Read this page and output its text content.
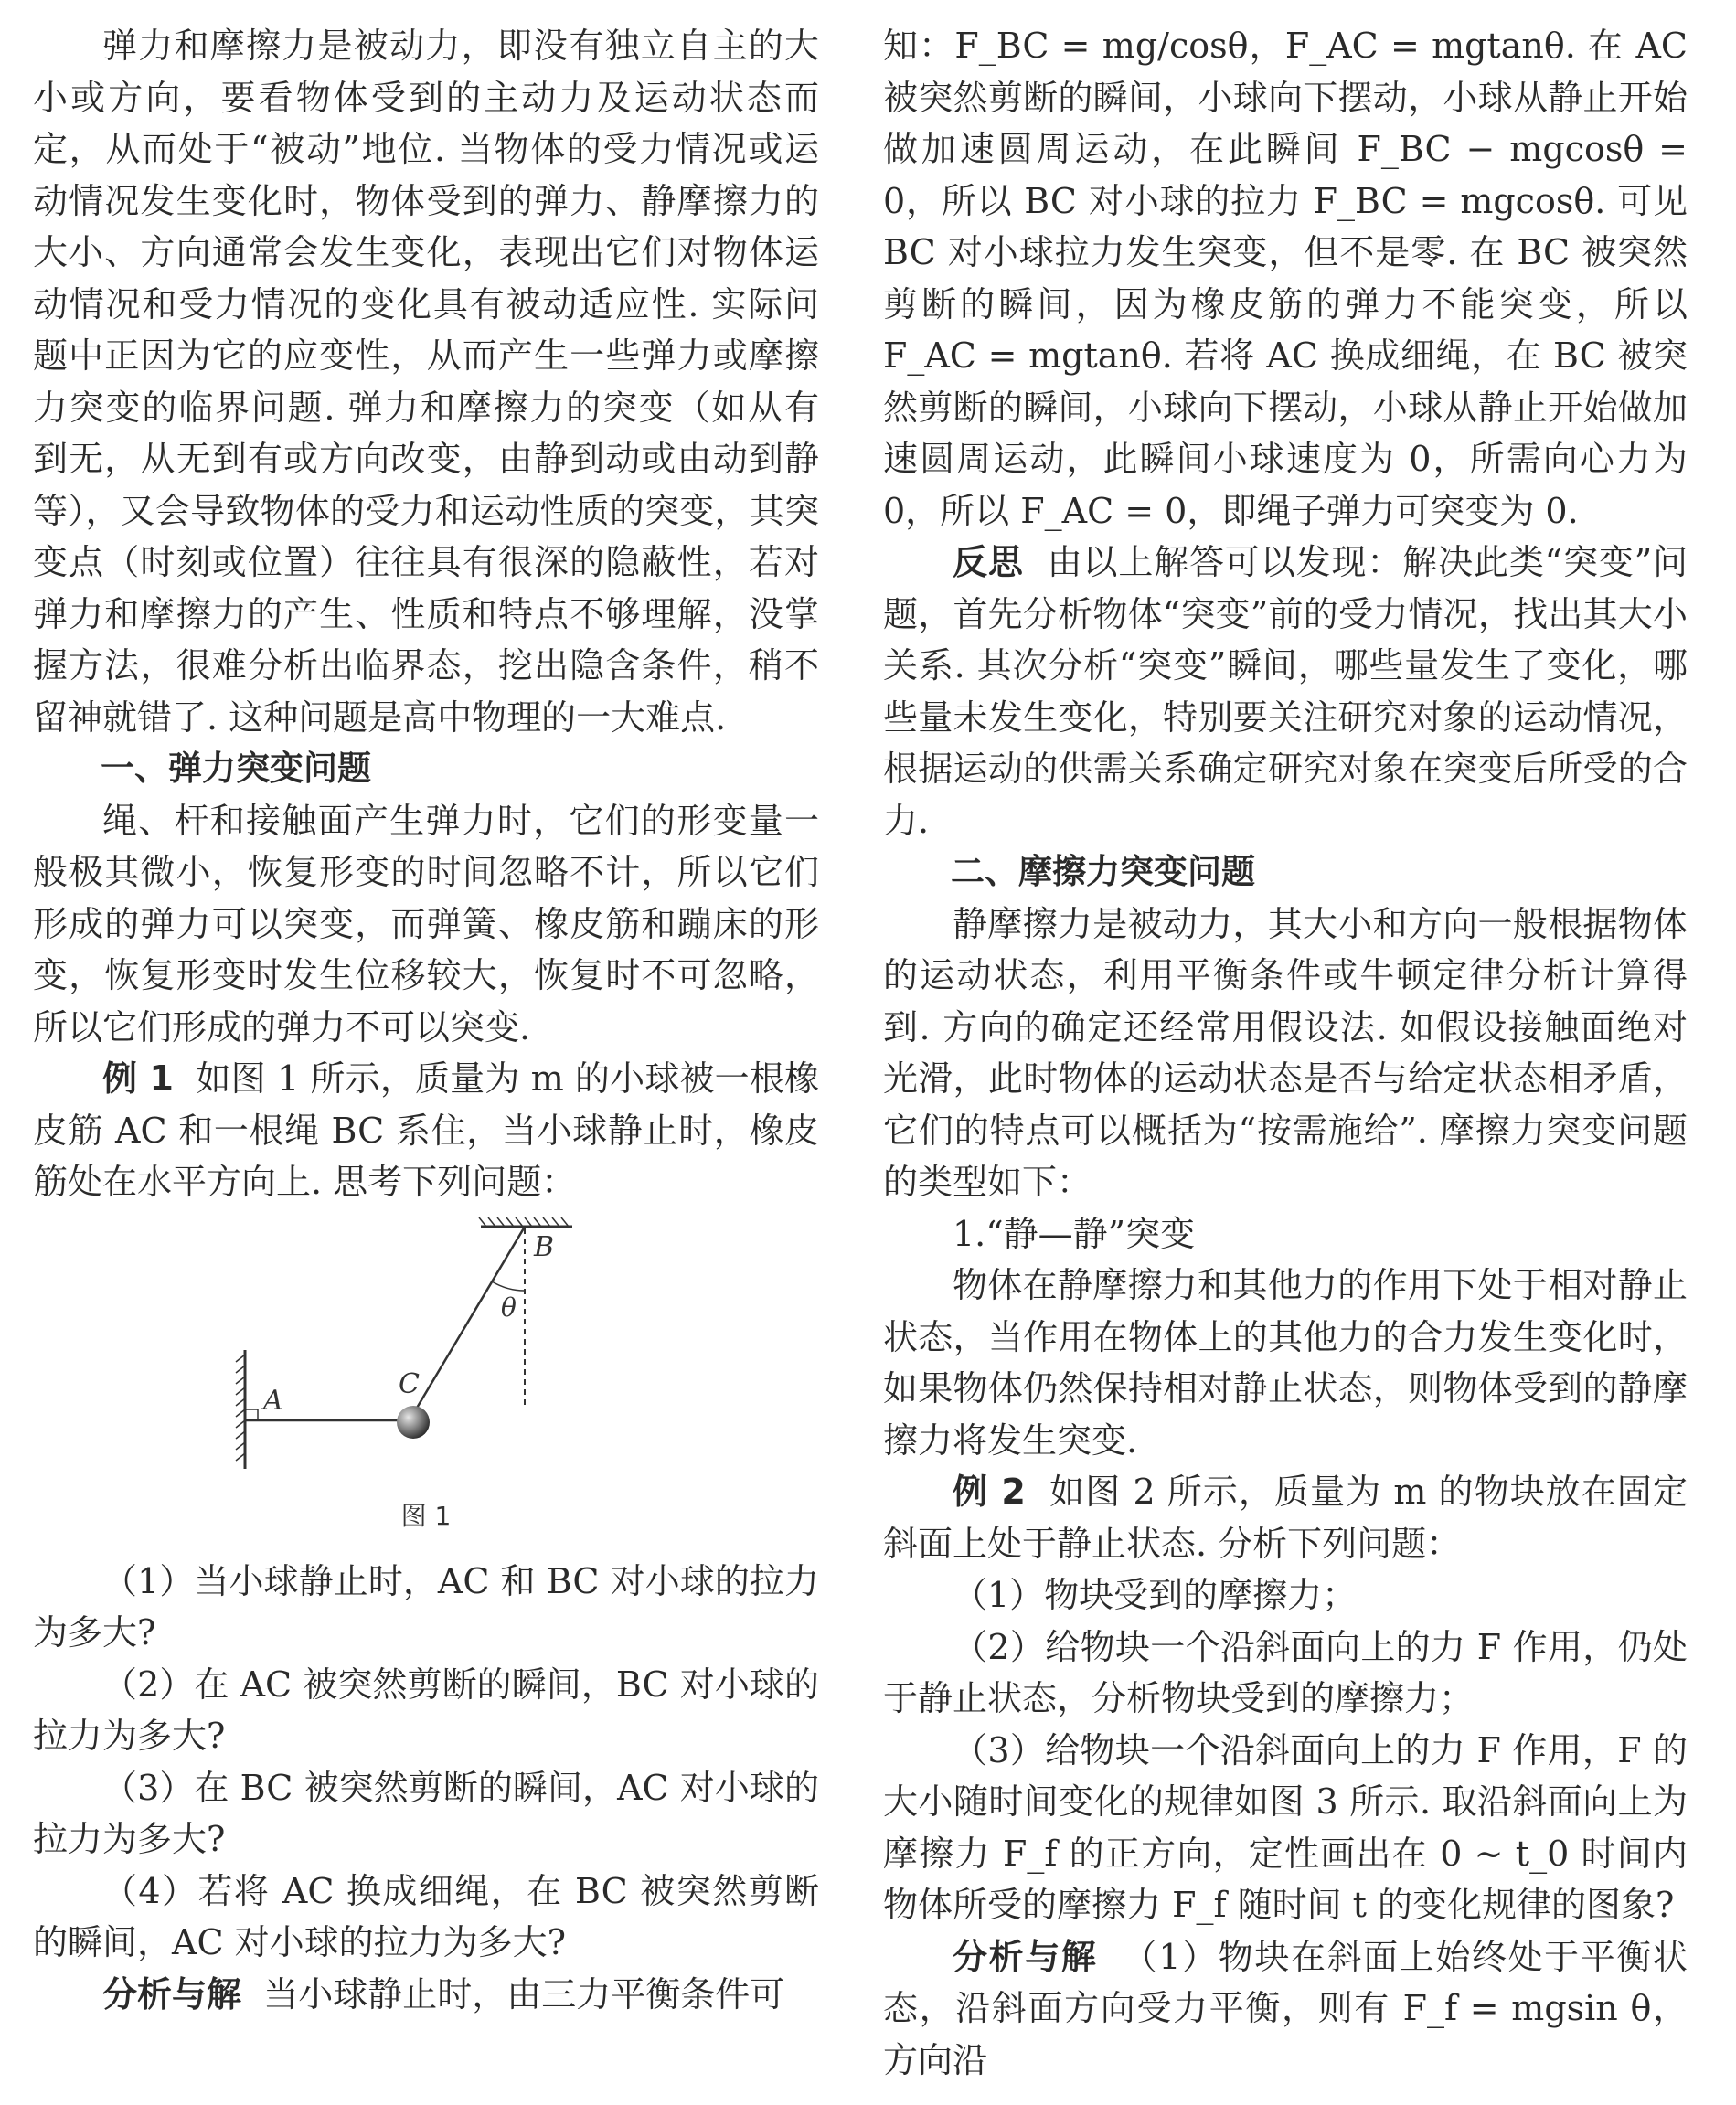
弹力和摩擦力是被动力，即没有独立自主的大小或方向，要看物体受到的主动力及运动状态而定，从而处于“被动”地位. 当物体的受力情况或运动情况发生变化时，物体受到的弹力、静摩擦力的大小、方向通常会发生变化，表现出它们对物体运动情况和受力情况的变化具有被动适应性. 实际问题中正因为它的应变性，从而产生一些弹力或摩擦力突变的临界问题. 弹力和摩擦力的突变（如从有到无，从无到有或方向改变，由静到动或由动到静等），又会导致物体的受力和运动性质的突变，其突变点（时刻或位置）往往具有很深的隐蔽性，若对弹力和摩擦力的产生、性质和特点不够理解，没掌握方法，很难分析出临界态，挖出隐含条件，稍不留神就错了. 这种问题是高中物理的一大难点.

一、弹力突变问题

绳、杆和接触面产生弹力时，它们的形变量一般极其微小，恢复形变的时间忽略不计，所以它们形成的弹力可以突变，而弹簧、橡皮筋和蹦床的形变，恢复形变时发生位移较大，恢复时不可忽略，所以它们形成的弹力不可以突变.

例 1 如图 1 所示，质量为 m 的小球被一根橡皮筋 AC 和一根绳 BC 系住，当小球静止时，橡皮筋处在水平方向上. 思考下列问题：

B
θ
C
A
图 1

（1）当小球静止时，AC 和 BC 对小球的拉力为多大?

（2）在 AC 被突然剪断的瞬间，BC 对小球的拉力为多大?

（3）在 BC 被突然剪断的瞬间，AC 对小球的拉力为多大?

（4）若将 AC 换成细绳，在 BC 被突然剪断的瞬间，AC 对小球的拉力为多大?

分析与解 当小球静止时，由三力平衡条件可

知：F_BC = mg/cosθ，F_AC = mgtanθ. 在 AC 被突然剪断的瞬间，小球向下摆动，小球从静止开始做加速圆周运动，在此瞬间 F_BC − mgcosθ = 0，所以 BC 对小球的拉力 F_BC = mgcosθ. 可见 BC 对小球拉力发生突变，但不是零. 在 BC 被突然剪断的瞬间，因为橡皮筋的弹力不能突变，所以 F_AC = mgtanθ. 若将 AC 换成细绳，在 BC 被突然剪断的瞬间，小球向下摆动，小球从静止开始做加速圆周运动，此瞬间小球速度为 0，所需向心力为 0，所以 F_AC = 0，即绳子弹力可突变为 0.

反思 由以上解答可以发现：解决此类“突变”问题，首先分析物体“突变”前的受力情况，找出其大小关系. 其次分析“突变”瞬间，哪些量发生了变化，哪些量未发生变化，特别要关注研究对象的运动情况，根据运动的供需关系确定研究对象在突变后所受的合力.

二、摩擦力突变问题

静摩擦力是被动力，其大小和方向一般根据物体的运动状态，利用平衡条件或牛顿定律分析计算得到. 方向的确定还经常用假设法. 如假设接触面绝对光滑，此时物体的运动状态是否与给定状态相矛盾，它们的特点可以概括为“按需施给”. 摩擦力突变问题的类型如下：

1.“静—静”突变

物体在静摩擦力和其他力的作用下处于相对静止状态，当作用在物体上的其他力的合力发生变化时，如果物体仍然保持相对静止状态，则物体受到的静摩擦力将发生突变.

例 2 如图 2 所示，质量为 m 的物块放在固定斜面上处于静止状态. 分析下列问题：

（1）物块受到的摩擦力；

（2）给物块一个沿斜面向上的力 F 作用，仍处于静止状态，分析物块受到的摩擦力；

（3）给物块一个沿斜面向上的力 F 作用，F 的大小随时间变化的规律如图 3 所示. 取沿斜面向上为摩擦力 F_f 的正方向，定性画出在 0 ~ t_0 时间内物体所受的摩擦力 F_f 随时间 t 的变化规律的图象?

分析与解 （1）物块在斜面上始终处于平衡状态，沿斜面方向受力平衡，则有 F_f = mgsin θ，方向沿
